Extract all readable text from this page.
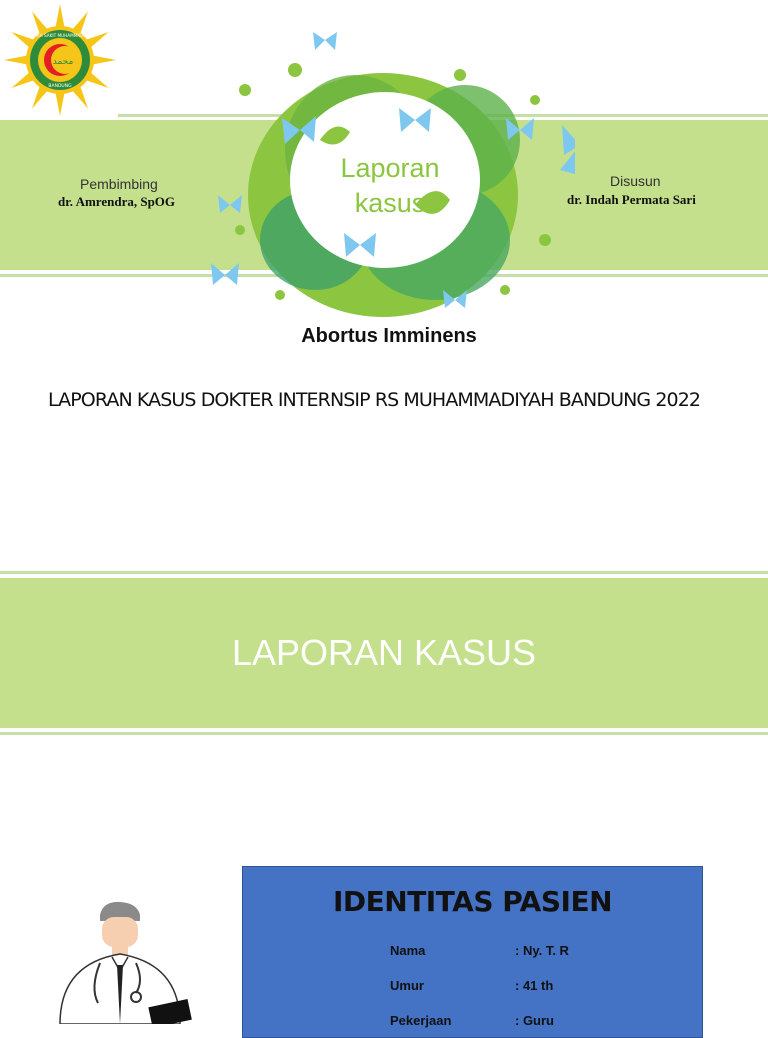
محمد
RUMAH SAKIT MUHAMMADIYAH
BANDUNG
Laporan
kasus
Pembimbing
dr. Amrendra, SpOG
Disusun
dr. Indah Permata Sari
Abortus Imminens
LAPORAN KASUS DOKTER INTERNSIP RS MUHAMMADIYAH BANDUNG 2022
LAPORAN KASUS
IDENTITAS PASIEN
Nama	: Ny. T. R
Umur	: 41 th
Pekerjaan	: Guru
